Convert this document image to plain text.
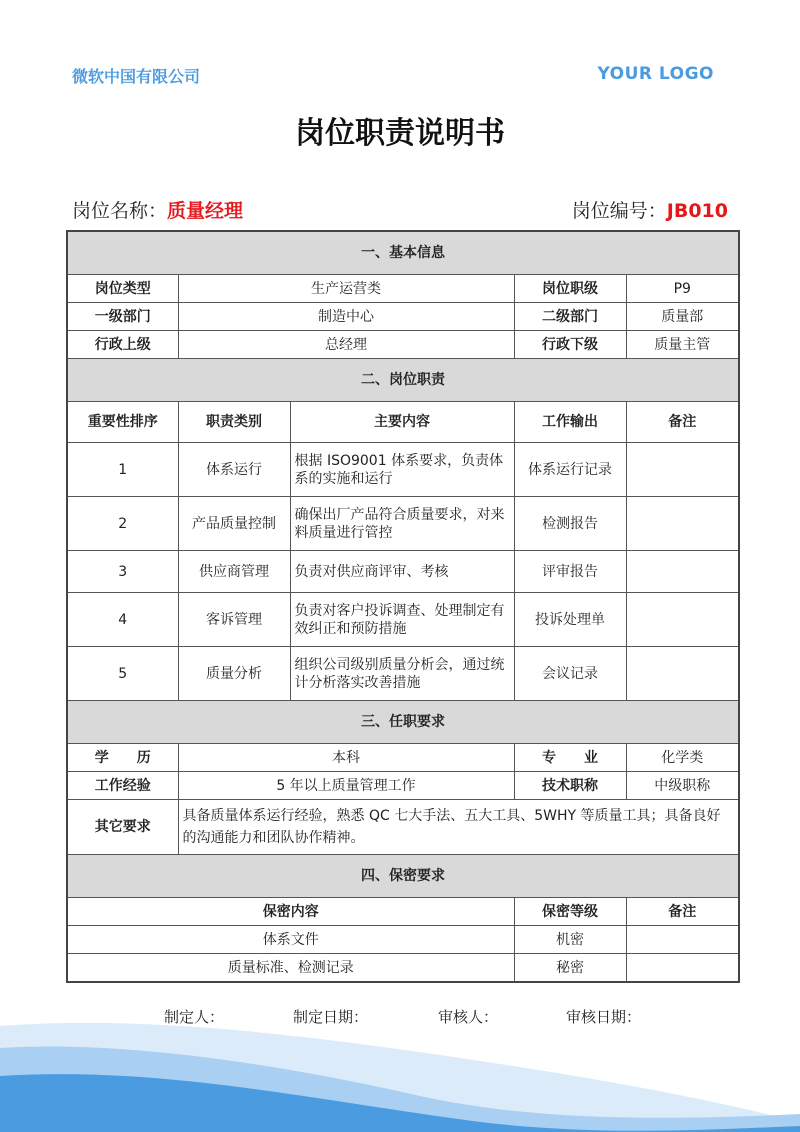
微软中国有限公司	YOUR LOGO
岗位职责说明书
岗位名称：质量经理	岗位编号：JB010
一、基本信息				
岗位类型	生产运营类		岗位职级	P9
一级部门	制造中心		二级部门	质量部
行政上级	总经理		行政下级	质量主管
二、岗位职责				
重要性排序	职责类别	主要内容	工作输出	备注
1	体系运行	根据 ISO9001 体系要求，负责体系的实施和运行	体系运行记录	
2	产品质量控制	确保出厂产品符合质量要求，对来料质量进行管控	检测报告	
3	供应商管理	负责对供应商评审、考核	评审报告	
4	客诉管理	负责对客户投诉调查、处理制定有效纠正和预防措施	投诉处理单	
5	质量分析	组织公司级别质量分析会，通过统计分析落实改善措施	会议记录	
三、任职要求				
学　　历	本科		专　　业	化学类
工作经验	5 年以上质量管理工作		技术职称	中级职称
其它要求	具备质量体系运行经验，熟悉 QC 七大手法、五大工具、5WHY 等质量工具；具备良好的沟通能力和团队协作精神。			
四、保密要求				
保密内容			保密等级	备注
体系文件			机密	
质量标准、检测记录			秘密	
制定人：	制定日期：	审核人：	审核日期：
